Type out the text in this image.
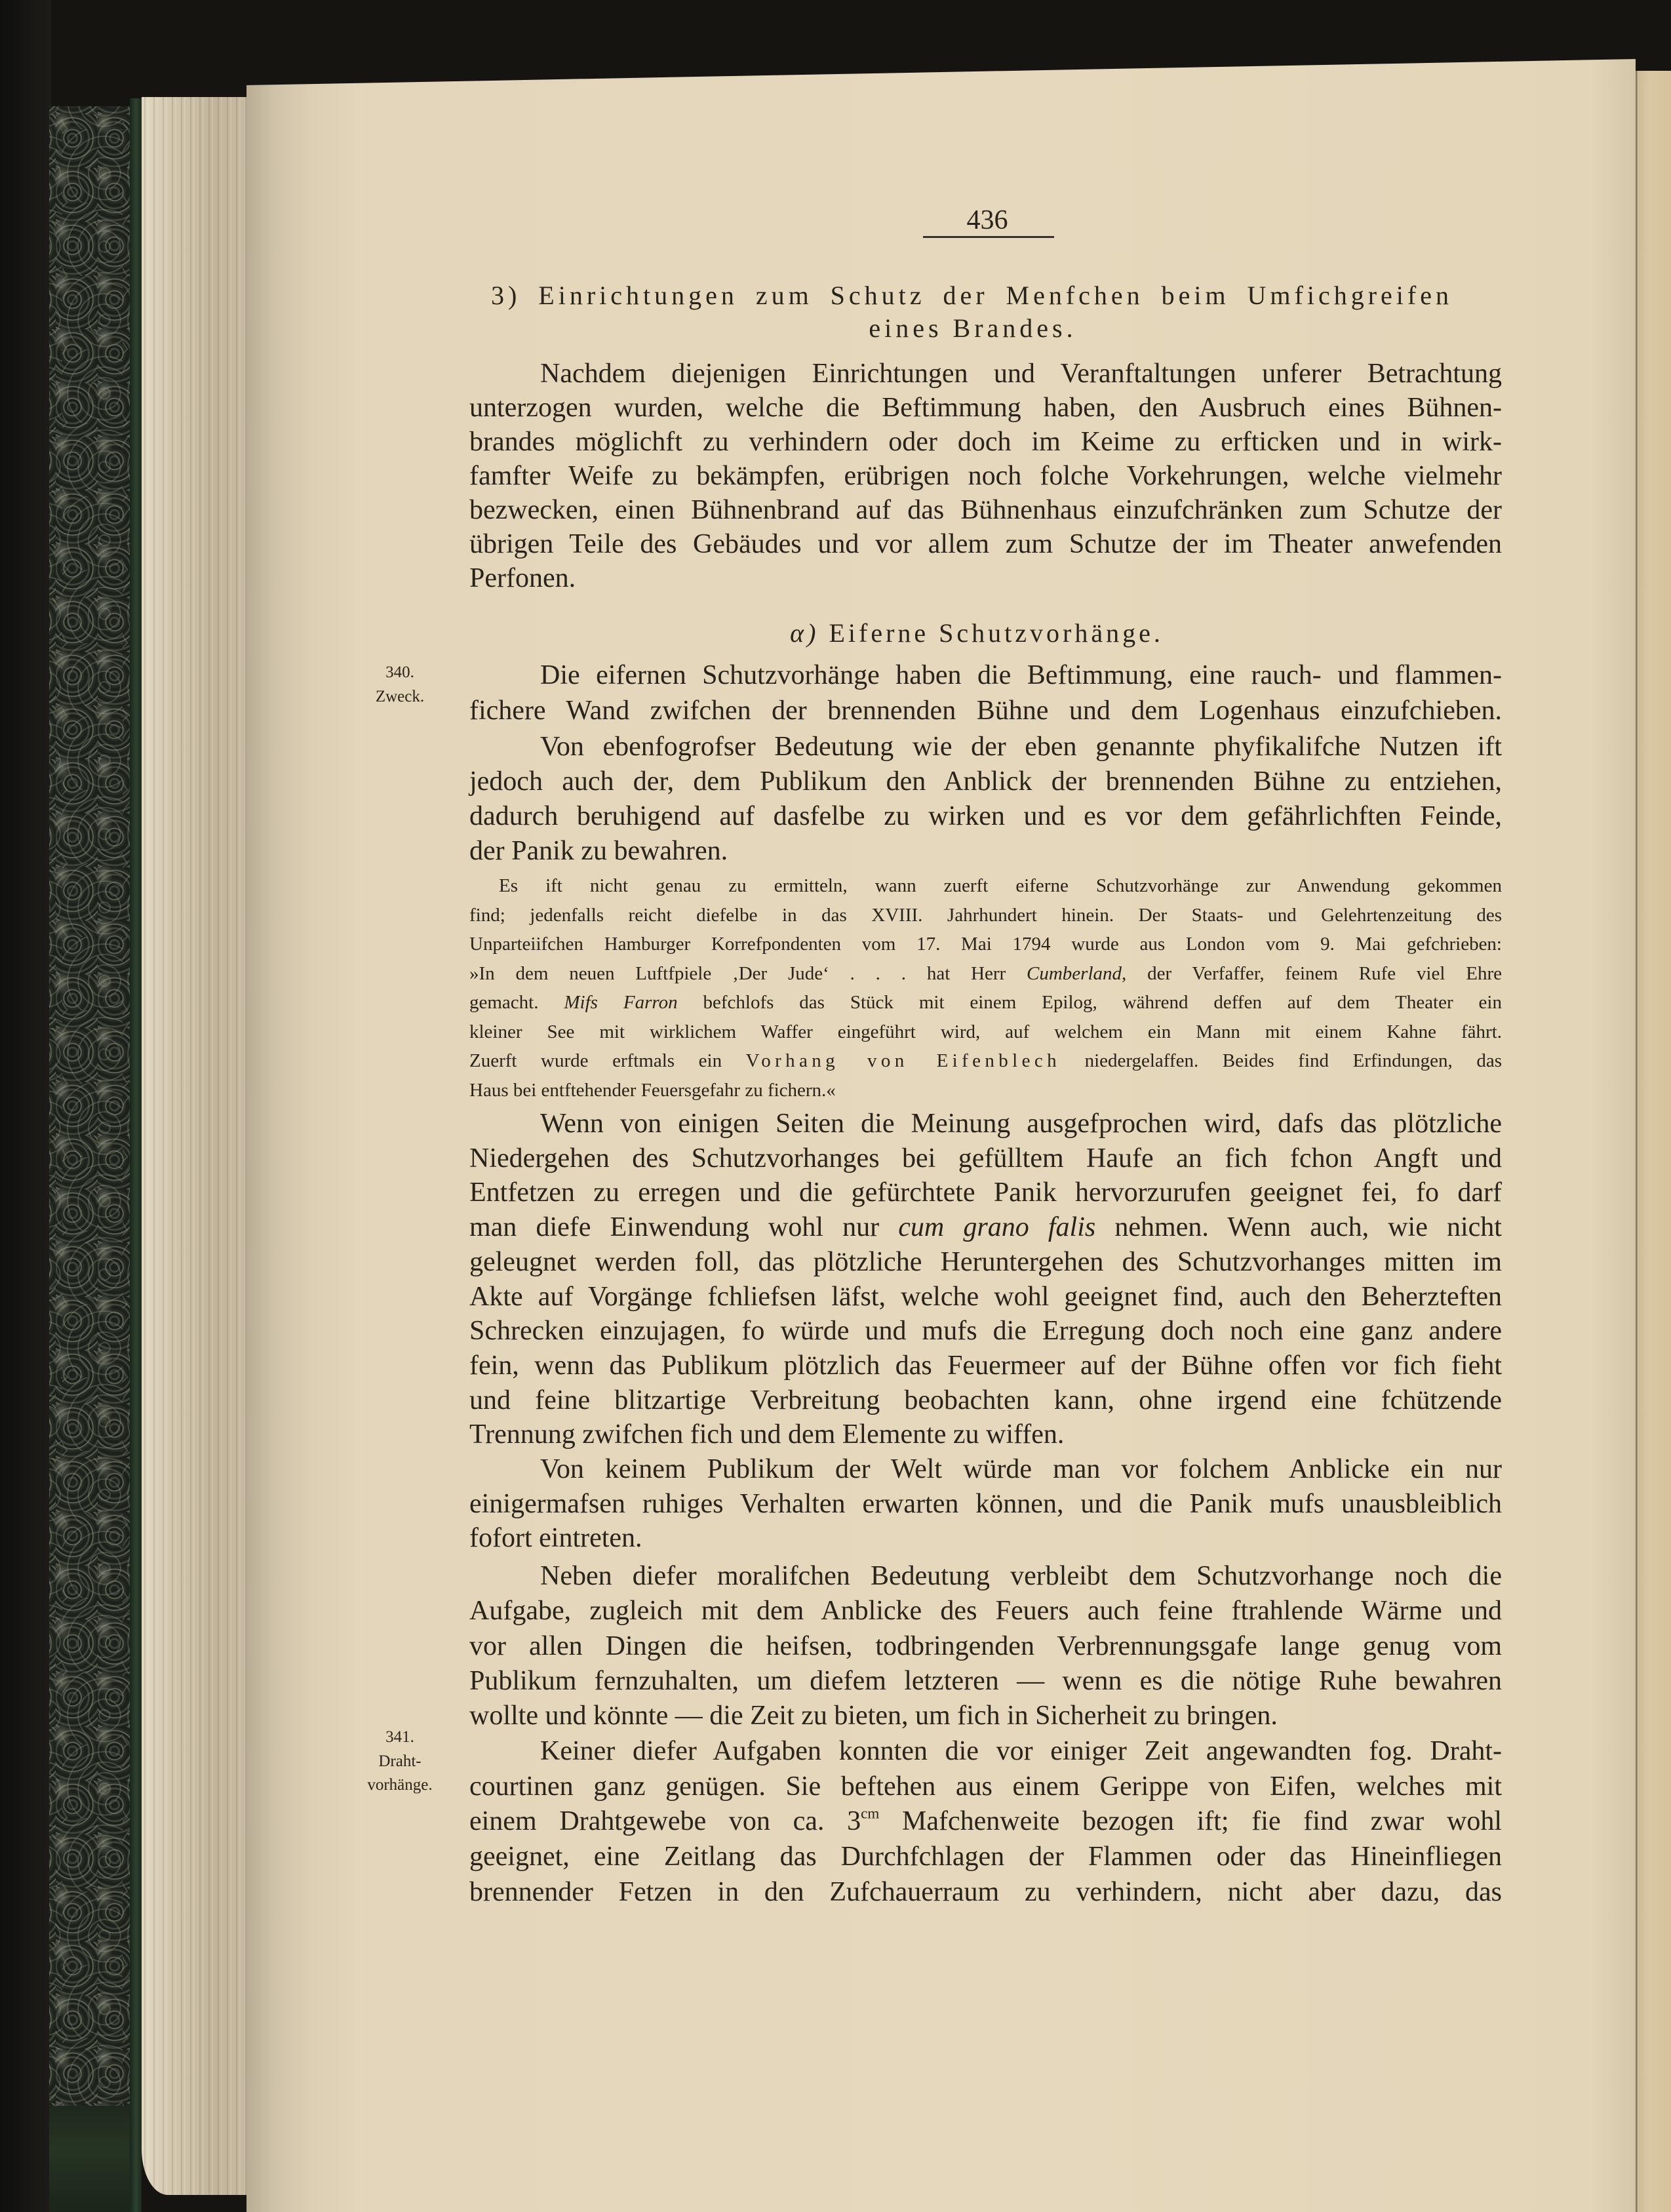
436
3) Einrichtungen zum Schutz der Menfchen beim Umfichgreifen
eines Brandes.
Nachdem diejenigen Einrichtungen und Veranftaltungen unferer Betrachtung
unterzogen wurden, welche die Beftimmung haben, den Ausbruch eines Bühnen-
brandes möglichft zu verhindern oder doch im Keime zu erfticken und in wirk-
famfter Weife zu bekämpfen, erübrigen noch folche Vorkehrungen, welche vielmehr
bezwecken, einen Bühnenbrand auf das Bühnenhaus einzufchränken zum Schutze der
übrigen Teile des Gebäudes und vor allem zum Schutze der im Theater anwefenden
Perfonen.
α) Eiferne Schutzvorhänge.
340.
Zweck.
Die eifernen Schutzvorhänge haben die Beftimmung, eine rauch- und flammen-
fichere Wand zwifchen der brennenden Bühne und dem Logenhaus einzufchieben.
Von ebenfogrofser Bedeutung wie der eben genannte phyfikalifche Nutzen ift
jedoch auch der, dem Publikum den Anblick der brennenden Bühne zu entziehen,
dadurch beruhigend auf dasfelbe zu wirken und es vor dem gefährlichften Feinde,
der Panik zu bewahren.
Es ift nicht genau zu ermitteln, wann zuerft eiferne Schutzvorhänge zur Anwendung gekommen
find; jedenfalls reicht diefelbe in das XVIII. Jahrhundert hinein. Der Staats- und Gelehrtenzeitung des
Unparteiifchen Hamburger Korrefpondenten vom 17. Mai 1794 wurde aus London vom 9. Mai gefchrieben:
»In dem neuen Luftfpiele ‚Der Jude‘ . . . hat Herr Cumberland, der Verfaffer, feinem Rufe viel Ehre
gemacht. Mifs Farron befchlofs das Stück mit einem Epilog, während deffen auf dem Theater ein
kleiner See mit wirklichem Waffer eingeführt wird, auf welchem ein Mann mit einem Kahne fährt.
Zuerft wurde erftmals ein Vorhang von Eifenblech niedergelaffen. Beides find Erfindungen, das
Haus bei entftehender Feuersgefahr zu fichern.«
Wenn von einigen Seiten die Meinung ausgefprochen wird, dafs das plötzliche
Niedergehen des Schutzvorhanges bei gefülltem Haufe an fich fchon Angft und
Entfetzen zu erregen und die gefürchtete Panik hervorzurufen geeignet fei, fo darf
man diefe Einwendung wohl nur cum grano falis nehmen. Wenn auch, wie nicht
geleugnet werden foll, das plötzliche Heruntergehen des Schutzvorhanges mitten im
Akte auf Vorgänge fchliefsen läfst, welche wohl geeignet find, auch den Beherzteften
Schrecken einzujagen, fo würde und mufs die Erregung doch noch eine ganz andere
fein, wenn das Publikum plötzlich das Feuermeer auf der Bühne offen vor fich fieht
und feine blitzartige Verbreitung beobachten kann, ohne irgend eine fchützende
Trennung zwifchen fich und dem Elemente zu wiffen.
Von keinem Publikum der Welt würde man vor folchem Anblicke ein nur
einigermafsen ruhiges Verhalten erwarten können, und die Panik mufs unausbleiblich
fofort eintreten.
Neben diefer moralifchen Bedeutung verbleibt dem Schutzvorhange noch die
Aufgabe, zugleich mit dem Anblicke des Feuers auch feine ftrahlende Wärme und
vor allen Dingen die heifsen, todbringenden Verbrennungsgafe lange genug vom
Publikum fernzuhalten, um diefem letzteren — wenn es die nötige Ruhe bewahren
wollte und könnte — die Zeit zu bieten, um fich in Sicherheit zu bringen.
341.
Draht-
vorhänge.
Keiner diefer Aufgaben konnten die vor einiger Zeit angewandten fog. Draht-
courtinen ganz genügen. Sie beftehen aus einem Gerippe von Eifen, welches mit
einem Drahtgewebe von ca. $3^{cm}$ Mafchenweite bezogen ift; fie find zwar wohl
geeignet, eine Zeitlang das Durchfchlagen der Flammen oder das Hineinfliegen
brennender Fetzen in den Zufchauerraum zu verhindern, nicht aber dazu, das
